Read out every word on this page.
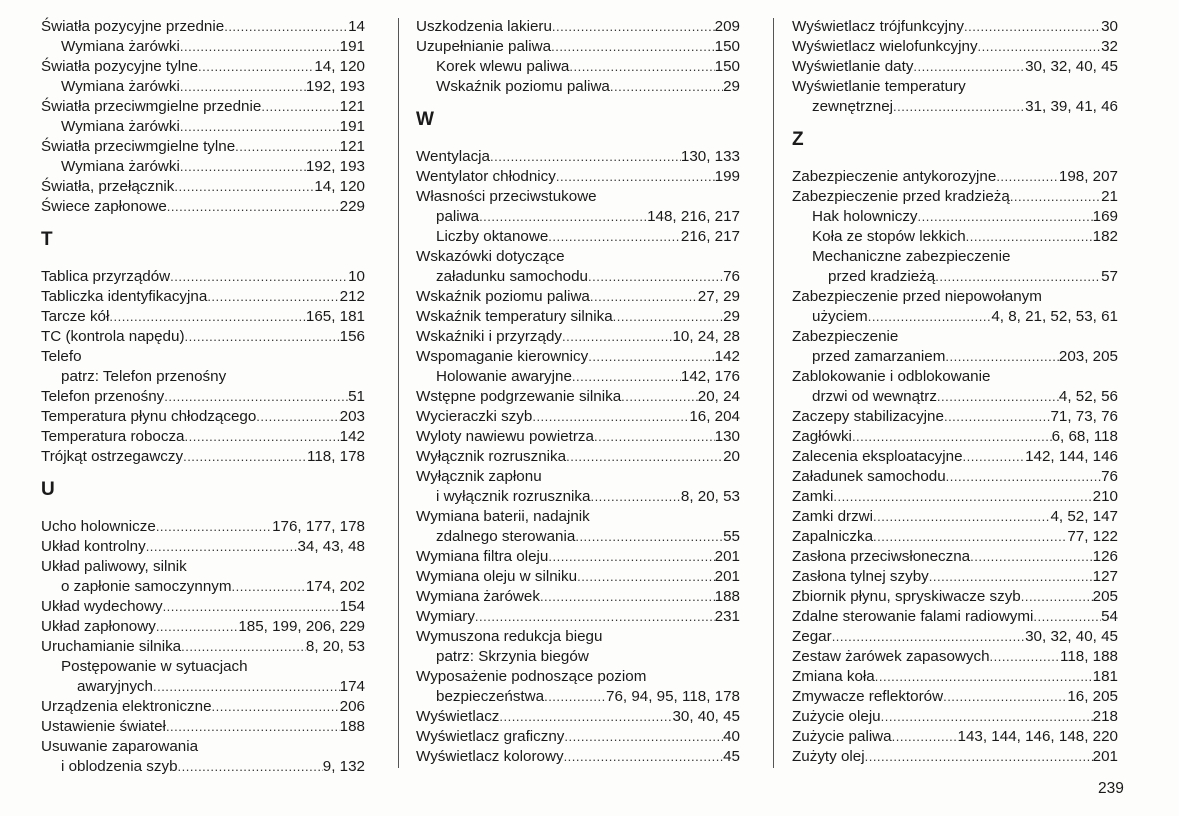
Światła pozycyjne przednie .....	14
Wymiana żarówki .....	191
Światła pozycyjne tylne .....	14, 120
Wymiana żarówki .....	192, 193
Światła przeciwmgielne przednie .....	121
Wymiana żarówki .....	191
Światła przeciwmgielne tylne .....	121
Wymiana żarówki .....	192, 193
Światła, przełącznik .....	14, 120
Świece zapłonowe .....	229
T
Tablica przyrządów .....	10
Tabliczka identyfikacyjna .....	212
Tarcze kół .....	165, 181
TC (kontrola napędu) .....	156
Telefo
patrz: Telefon przenośny
Telefon przenośny .....	51
Temperatura płynu chłodzącego .....	203
Temperatura robocza .....	142
Trójkąt ostrzegawczy .....	118, 178
U
Ucho holownicze .....	176, 177, 178
Układ kontrolny .....	34, 43, 48
Układ paliwowy, silnik
o zapłonie samoczynnym .....	174, 202
Układ wydechowy .....	154
Układ zapłonowy .....	185, 199, 206, 229
Uruchamianie silnika .....	8, 20, 53
Postępowanie w sytuacjach
awaryjnych .....	174
Urządzenia elektroniczne .....	206
Ustawienie świateł .....	188
Usuwanie zaparowania
i oblodzenia szyb .....	9, 132
Uszkodzenia lakieru .....	209
Uzupełnianie paliwa .....	150
Korek wlewu paliwa .....	150
Wskaźnik poziomu paliwa .....	29
W
Wentylacja .....	130, 133
Wentylator chłodnicy .....	199
Własności przeciwstukowe
paliwa .....	148, 216, 217
Liczby oktanowe .....	216, 217
Wskazówki dotyczące
załadunku samochodu .....	76
Wskaźnik poziomu paliwa .....	27, 29
Wskaźnik temperatury silnika .....	29
Wskaźniki i przyrządy .....	10, 24, 28
Wspomaganie kierownicy .....	142
Holowanie awaryjne .....	142, 176
Wstępne podgrzewanie silnika .....	20, 24
Wycieraczki szyb .....	16, 204
Wyloty nawiewu powietrza .....	130
Wyłącznik rozrusznika .....	20
Wyłącznik zapłonu
i wyłącznik rozrusznika .....	8, 20, 53
Wymiana baterii, nadajnik
zdalnego sterowania .....	55
Wymiana filtra oleju .....	201
Wymiana oleju w silniku .....	201
Wymiana żarówek .....	188
Wymiary .....	231
Wymuszona redukcja biegu
patrz: Skrzynia biegów
Wyposażenie podnoszące poziom
bezpieczeństwa .....	76, 94, 95, 118, 178
Wyświetlacz .....	30, 40, 45
Wyświetlacz graficzny .....	40
Wyświetlacz kolorowy .....	45
Wyświetlacz trójfunkcyjny .....	30
Wyświetlacz wielofunkcyjny .....	32
Wyświetlanie daty .....	30, 32, 40, 45
Wyświetlanie temperatury
zewnętrznej .....	31, 39, 41, 46
Z
Zabezpieczenie antykorozyjne .....	198, 207
Zabezpieczenie przed kradzieżą .....	21
Hak holowniczy .....	169
Koła ze stopów lekkich .....	182
Mechaniczne zabezpieczenie
przed kradzieżą .....	57
Zabezpieczenie przed niepowołanym
użyciem .....	4, 8, 21, 52, 53, 61
Zabezpieczenie
przed zamarzaniem .....	203, 205
Zablokowanie i odblokowanie
drzwi od wewnątrz .....	4, 52, 56
Zaczepy stabilizacyjne .....	71, 73, 76
Zagłówki .....	6, 68, 118
Zalecenia eksploatacyjne .....	142, 144, 146
Załadunek samochodu .....	76
Zamki .....	210
Zamki drzwi .....	4, 52, 147
Zapalniczka .....	77, 122
Zasłona przeciwsłoneczna .....	126
Zasłona tylnej szyby .....	127
Zbiornik płynu, spryskiwacze szyb .....	205
Zdalne sterowanie falami radiowymi .....	54
Zegar .....	30, 32, 40, 45
Zestaw żarówek zapasowych .....	118, 188
Zmiana koła .....	181
Zmywacze reflektorów .....	16, 205
Zużycie oleju .....	218
Zużycie paliwa .....	143, 144, 146, 148, 220
Zużyty olej .....	201
239
